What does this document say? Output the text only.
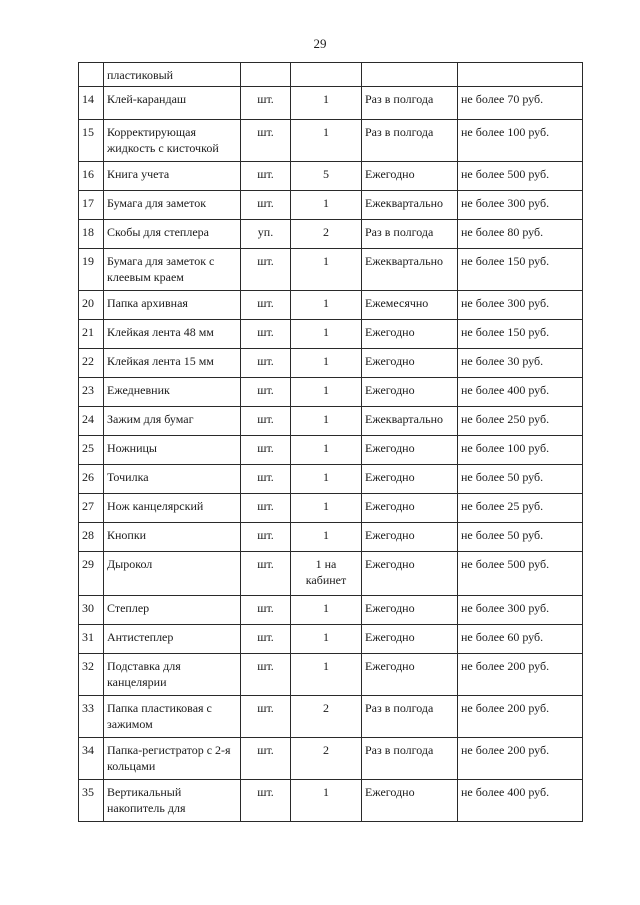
29
	пластиковый				
14	Клей-карандаш	шт.	1	Раз в полгода	не более 70 руб.
15	Корректирующая жидкость с кисточкой	шт.	1	Раз в полгода	не более 100 руб.
16	Книга учета	шт.	5	Ежегодно	не более 500 руб.
17	Бумага для заметок	шт.	1	Ежеквартально	не более 300 руб.
18	Скобы для степлера	уп.	2	Раз в полгода	не более 80 руб.
19	Бумага для заметок с клеевым краем	шт.	1	Ежеквартально	не более 150 руб.
20	Папка архивная	шт.	1	Ежемесячно	не более 300 руб.
21	Клейкая лента 48 мм	шт.	1	Ежегодно	не более 150 руб.
22	Клейкая лента 15 мм	шт.	1	Ежегодно	не более 30 руб.
23	Ежедневник	шт.	1	Ежегодно	не более 400 руб.
24	Зажим для бумаг	шт.	1	Ежеквартально	не более 250 руб.
25	Ножницы	шт.	1	Ежегодно	не более 100 руб.
26	Точилка	шт.	1	Ежегодно	не более 50 руб.
27	Нож канцелярский	шт.	1	Ежегодно	не более 25 руб.
28	Кнопки	шт.	1	Ежегодно	не более 50 руб.
29	Дырокол	шт.	1 на кабинет	Ежегодно	не более 500 руб.
30	Степлер	шт.	1	Ежегодно	не более 300 руб.
31	Антистеплер	шт.	1	Ежегодно	не более 60 руб.
32	Подставка для канцелярии	шт.	1	Ежегодно	не более 200 руб.
33	Папка пластиковая с зажимом	шт.	2	Раз в полгода	не более 200 руб.
34	Папка-регистратор с 2-я кольцами	шт.	2	Раз в полгода	не более 200 руб.
35	Вертикальный накопитель для	шт.	1	Ежегодно	не более 400 руб.
